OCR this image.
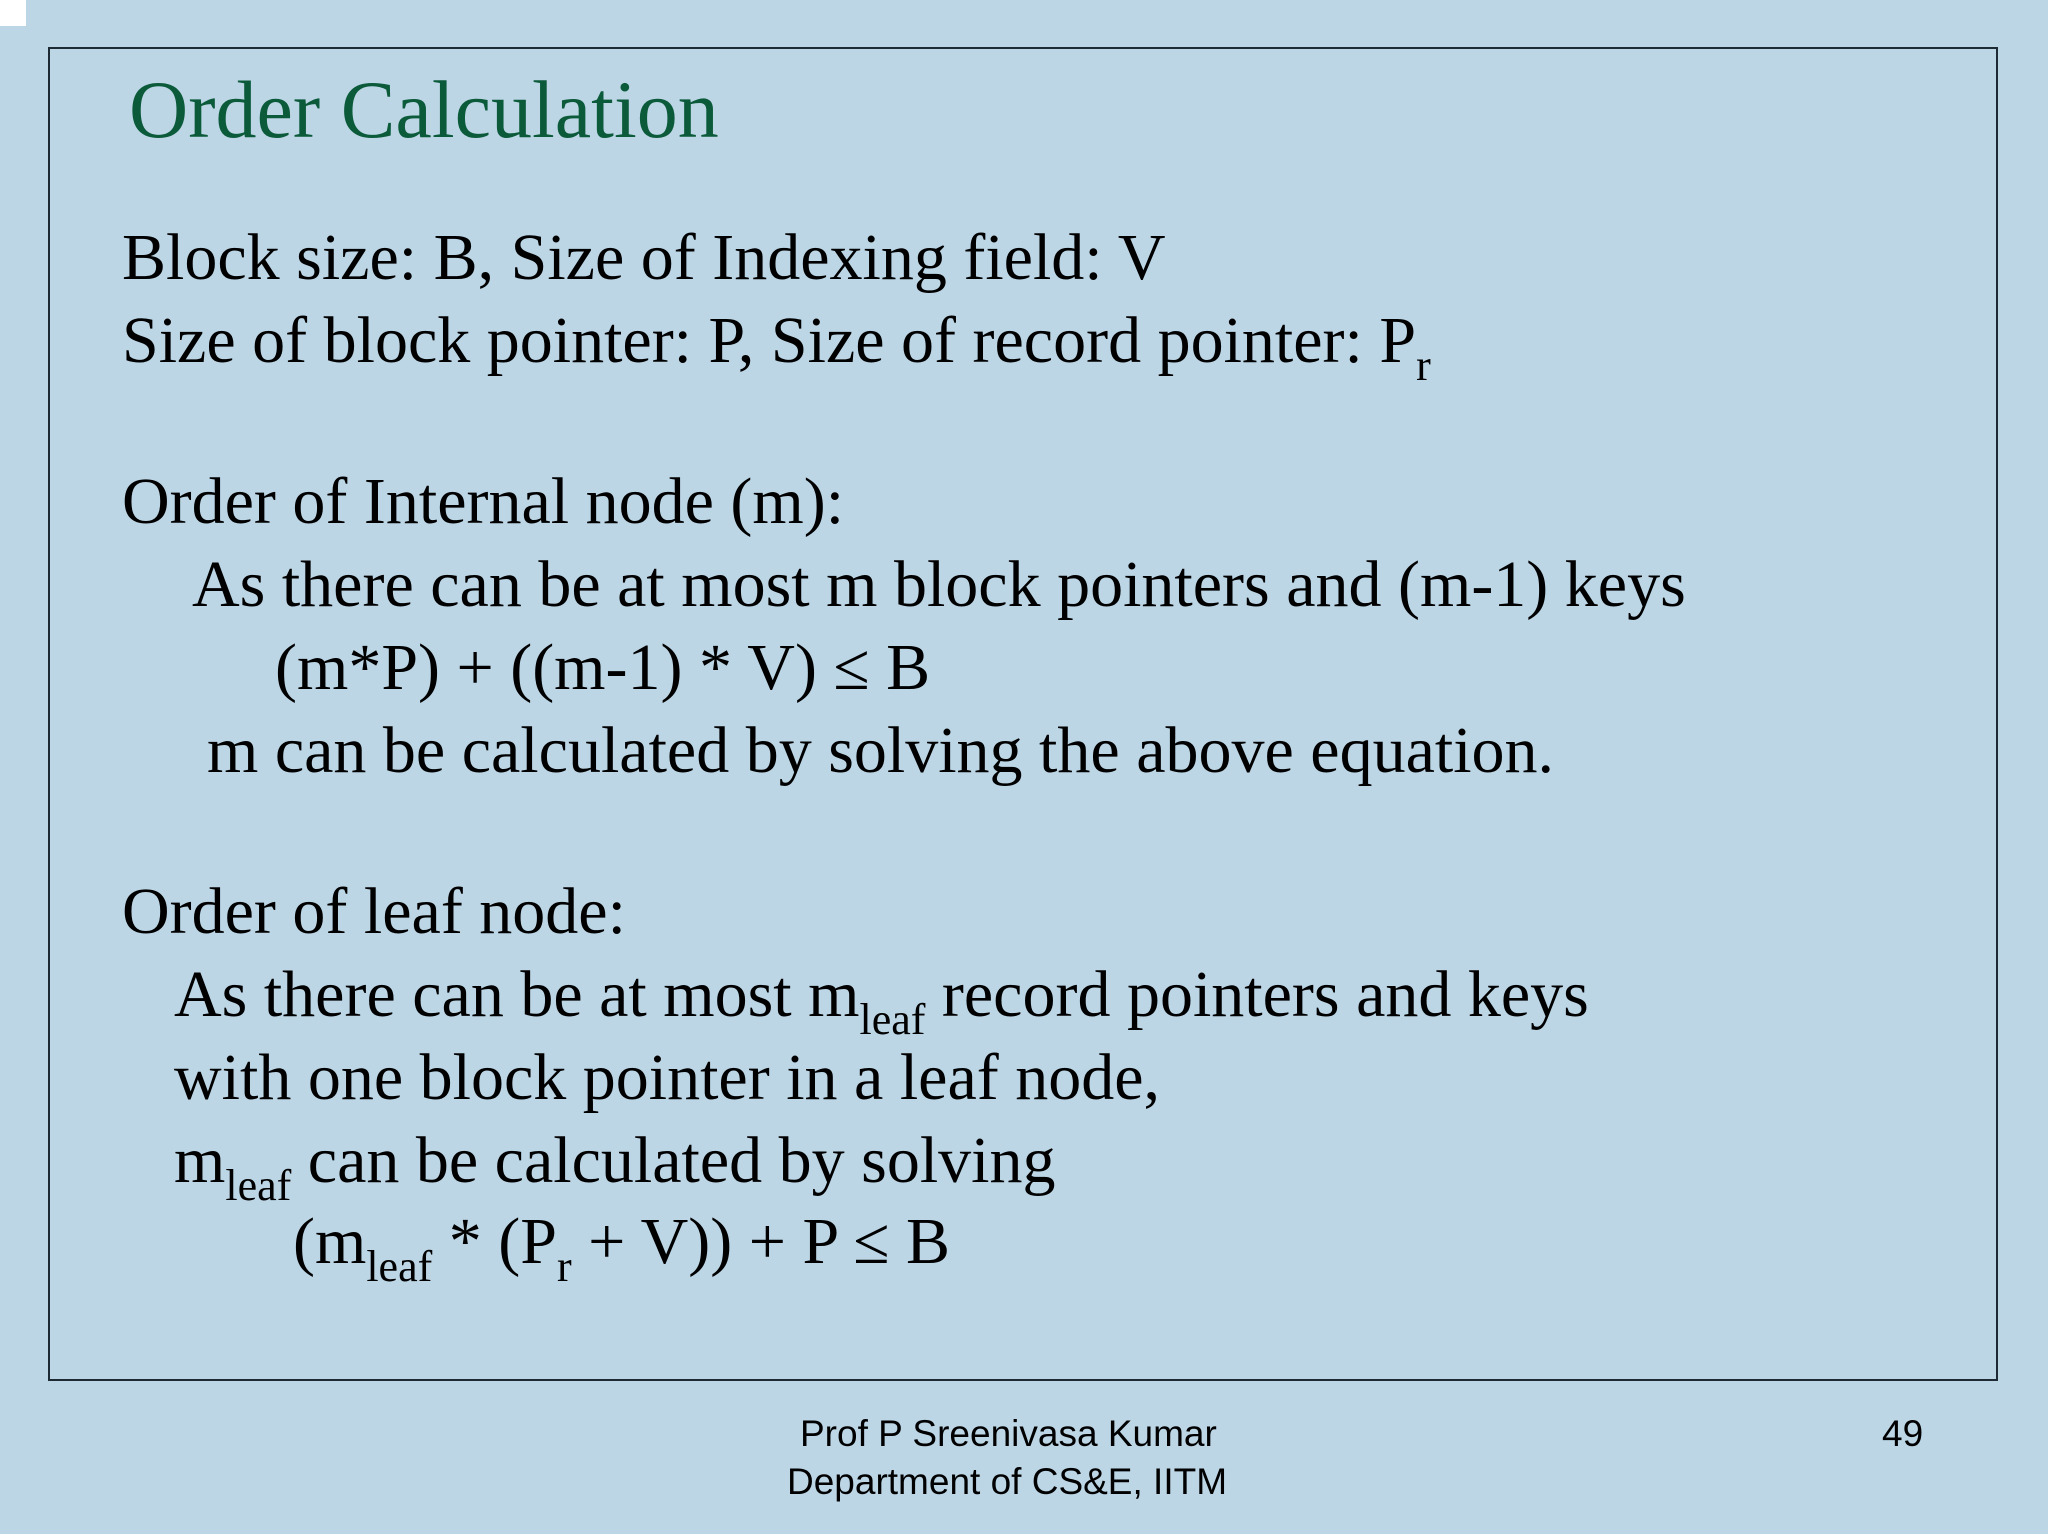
Order Calculation

Block size: B, Size of Indexing field: V

Size of block pointer: P, Size of record pointer: $P_r$

Order of Internal node (m):

As there can be at most m block pointers and (m-1) keys

(m*P) + ((m-1) * V) ≤ B

m can be calculated by solving the above equation.

Order of leaf node:

As there can be at most $m_{leaf}$ record pointers and keys

with one block pointer in a leaf node,

$m_{leaf}$ can be calculated by solving

$(m_{leaf} * (P_r + V)) + P \le B$

Prof P Sreenivasa Kumar
Department of CS&E, IITM
49
